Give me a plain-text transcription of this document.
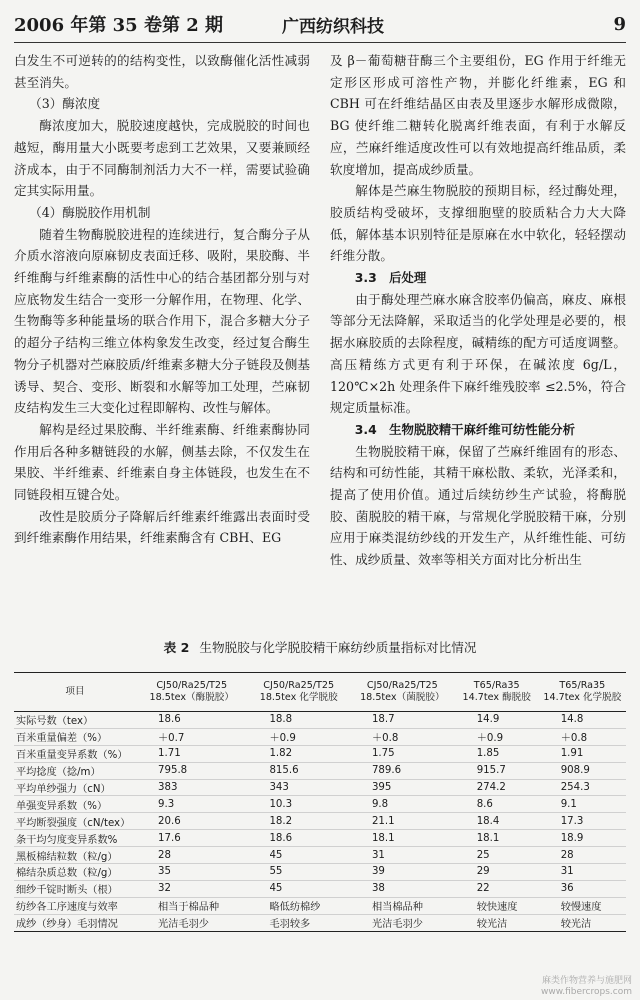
2006 年第 35 卷第 2 期	广西纺织科技	9

白发生不可逆转的的结构变性，以致酶催化活性减弱甚至消失。

（3）酶浓度

酶浓度加大，脱胶速度越快，完成脱胶的时间也越短，酶用量大小既要考虑到工艺效果，又要兼顾经济成本，由于不同酶制剂活力大不一样，需要试验确定其实际用量。

（4）酶脱胶作用机制

随着生物酶脱胶进程的连续进行，复合酶分子从介质水溶液向原麻韧皮表面迁移、吸附，果胶酶、半纤维酶与纤维素酶的活性中心的结合基团都分别与对应底物发生结合一变形一分解作用，在物理、化学、生物酶等多种能量场的联合作用下，混合多糖大分子的超分子结构三维立体构象发生改变，经过复合酶生物分子机器对苎麻胶质/纤维素多糖大分子链段及侧基诱导、契合、变形、断裂和水解等加工处理，苎麻韧皮结构发生三大变化过程即解构、改性与解体。

解构是经过果胶酶、半纤维素酶、纤维素酶协同作用后各种多糖链段的水解，侧基去除，不仅发生在果胶、半纤维素、纤维素自身主体链段，也发生在不同链段相互键合处。

改性是胶质分子降解后纤维素纤维露出表面时受到纤维素酶作用结果，纤维素酶含有 CBH、EG

及 β－葡萄糖苷酶三个主要组份，EG 作用于纤维无定形区形成可溶性产物，并膨化纤维素，EG 和 CBH 可在纤维结晶区由表及里逐步水解形成微隙，BG 使纤维二糖转化脱离纤维表面，有利于水解反应，苎麻纤维适度改性可以有效地提高纤维品质，柔软度增加，提高成纱质量。

解体是苎麻生物脱胶的预期目标，经过酶处理，胶质结构受破坏，支撑细胞壁的胶质粘合力大大降低，解体基本识别特征是原麻在水中软化，轻轻摆动纤维分散。

3.3　后处理

由于酶处理苎麻水麻含胶率仍偏高，麻皮、麻根等部分无法降解，采取适当的化学处理是必要的，根据水麻胶质的去除程度，碱精练的配方可适度调整。高压精练方式更有利于环保，在碱浓度 6g/L，120℃×2h 处理条件下麻纤维残胶率 ≤2.5%，符合规定质量标准。

3.4　生物脱胶精干麻纤维可纺性能分析

生物脱胶精干麻，保留了苎麻纤维固有的形态、结构和可纺性能，其精干麻松散、柔软，光泽柔和，提高了使用价值。通过后续纺纱生产试验，将酶脱胶、菌脱胶的精干麻，与常规化学脱胶精干麻，分别应用于麻类混纺纱线的开发生产，从纤维性能、可纺性、成纱质量、效率等相关方面对比分析出生

表 2 生物脱胶与化学脱胶精干麻纺纱质量指标对比情况
项目	CJ50/Ra25/T25 18.5tex（酶脱胶）	CJ50/Ra25/T25 18.5tex 化学脱胶	CJ50/Ra25/T25 18.5tex（菌脱胶）	T65/Ra35 14.7tex 酶脱胶	T65/Ra35 14.7tex 化学脱胶
实际号数（tex）	18.6	18.8	18.7	14.9	14.8
百米重量偏差（%）	＋0.7	＋0.9	＋0.8	＋0.9	＋0.8
百米重量变异系数（%）	1.71	1.82	1.75	1.85	1.91
平均捻度（捻/m）	795.8	815.6	789.6	915.7	908.9
平均单纱强力（cN）	383	343	395	274.2	254.3
单强变异系数（%）	9.3	10.3	9.8	8.6	9.1
平均断裂强度（cN/tex）	20.6	18.2	21.1	18.4	17.3
条干均匀度变异系数%	17.6	18.6	18.1	18.1	18.9
黑板棉结粒数（粒/g）	28	45	31	25	28
棉结杂质总数（粒/g）	35	55	39	29	31
细纱千锭时断头（根）	32	45	38	22	36
纺纱各工序速度与效率	相当于棉品种	略低纺棉纱	相当棉品种	较快速度	较慢速度
成纱（纱身）毛羽情况	光洁毛羽少	毛羽较多	光洁毛羽少	较光洁	较光洁
麻类作物营养与施肥网
www.fibercrops.com
